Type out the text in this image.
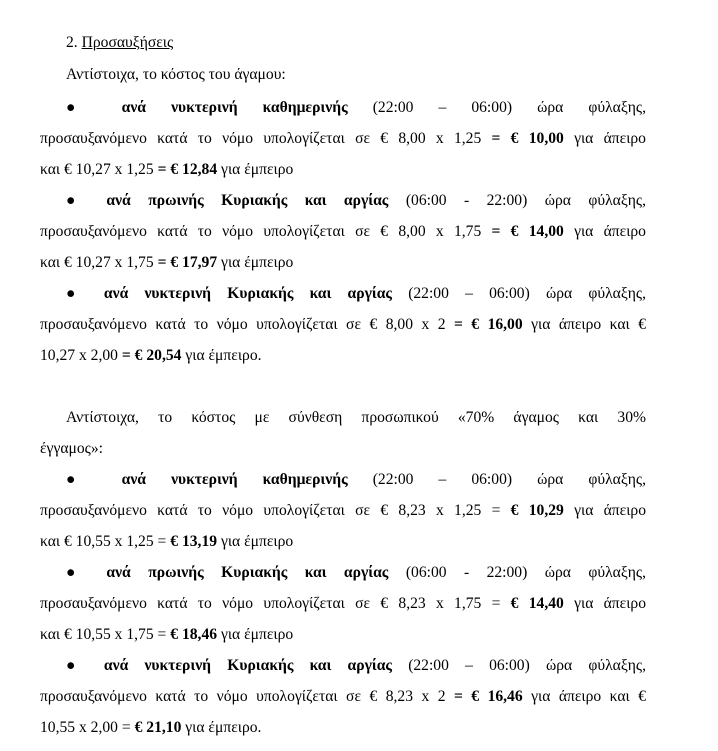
2. Προσαυξήσεις
Αντίστοιχα, το κόστος του άγαμου:
● ανά νυκτερινή καθημερινής (22:00 – 06:00) ώρα φύλαξης,
προσαυξανόμενο κατά το νόμο υπολογίζεται σε € 8,00 x 1,25 = € 10,00 για άπειρο
και € 10,27 x 1,25 = € 12,84 για έμπειρο
● ανά πρωινής Κυριακής και αργίας (06:00 - 22:00) ώρα φύλαξης,
προσαυξανόμενο κατά το νόμο υπολογίζεται σε € 8,00 x 1,75 = € 14,00 για άπειρο
και € 10,27 x 1,75 = € 17,97 για έμπειρο
● ανά νυκτερινή Κυριακής και αργίας (22:00 – 06:00) ώρα φύλαξης,
προσαυξανόμενο κατά το νόμο υπολογίζεται σε € 8,00 x 2 = € 16,00 για άπειρο και €
10,27 x 2,00 = € 20,54 για έμπειρο.
Αντίστοιχα, το κόστος με σύνθεση προσωπικού «70% άγαμος και 30%
έγγαμος»:
● ανά νυκτερινή καθημερινής (22:00 – 06:00) ώρα φύλαξης,
προσαυξανόμενο κατά το νόμο υπολογίζεται σε € 8,23 x 1,25 = € 10,29 για άπειρο
και € 10,55 x 1,25 = € 13,19 για έμπειρο
● ανά πρωινής Κυριακής και αργίας (06:00 - 22:00) ώρα φύλαξης,
προσαυξανόμενο κατά το νόμο υπολογίζεται σε € 8,23 x 1,75 = € 14,40 για άπειρο
και € 10,55 x 1,75 = € 18,46 για έμπειρο
● ανά νυκτερινή Κυριακής και αργίας (22:00 – 06:00) ώρα φύλαξης,
προσαυξανόμενο κατά το νόμο υπολογίζεται σε € 8,23 x 2 = € 16,46 για άπειρο και €
10,55 x 2,00 = € 21,10 για έμπειρο.
